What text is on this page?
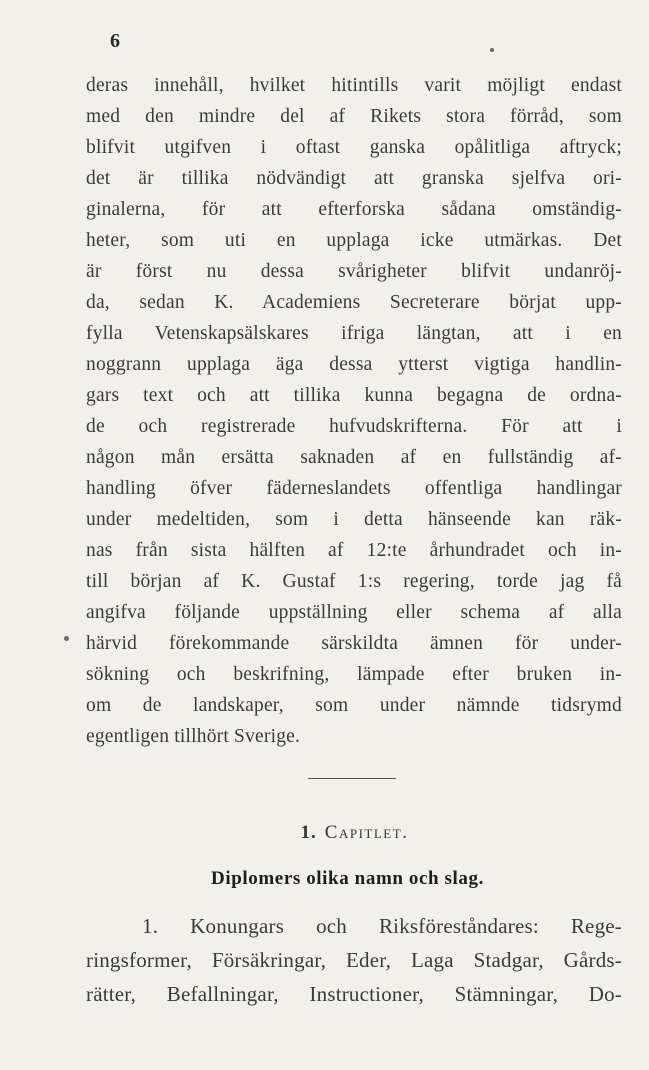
6
deras innehåll, hvilket hitintills varit möjligt endast
med den mindre del af Rikets stora förråd, som
blifvit utgifven i oftast ganska opålitliga aftryck;
det är tillika nödvändigt att granska sjelfva ori-
ginalerna, för att efterforska sådana omständig-
heter, som uti en upplaga icke utmärkas. Det
är först nu dessa svårigheter blifvit undanröj-
da, sedan K. Academiens Secreterare börjat upp-
fylla Vetenskapsälskares ifriga längtan, att i en
noggrann upplaga äga dessa ytterst vigtiga handlin-
gars text och att tillika kunna begagna de ordna-
de och registrerade hufvudskrifterna. För att i
någon mån ersätta saknaden af en fullständig af-
handling öfver fäderneslandets offentliga handlingar
under medeltiden, som i detta hänseende kan räk-
nas från sista hälften af 12:te århundradet och in-
till början af K. Gustaf 1:s regering, torde jag få
angifva följande uppställning eller schema af alla
härvid förekommande särskildta ämnen för under-
sökning och beskrifning, lämpade efter bruken in-
om de landskaper, som under nämnde tidsrymd
egentligen tillhört Sverige.
1. Capitlet.
Diplomers olika namn och slag.
1. Konungars och Riksföreståndares: Rege-
ringsformer, Försäkringar, Eder, Laga Stadgar, Gårds-
rätter, Befallningar, Instructioner, Stämningar, Do-
